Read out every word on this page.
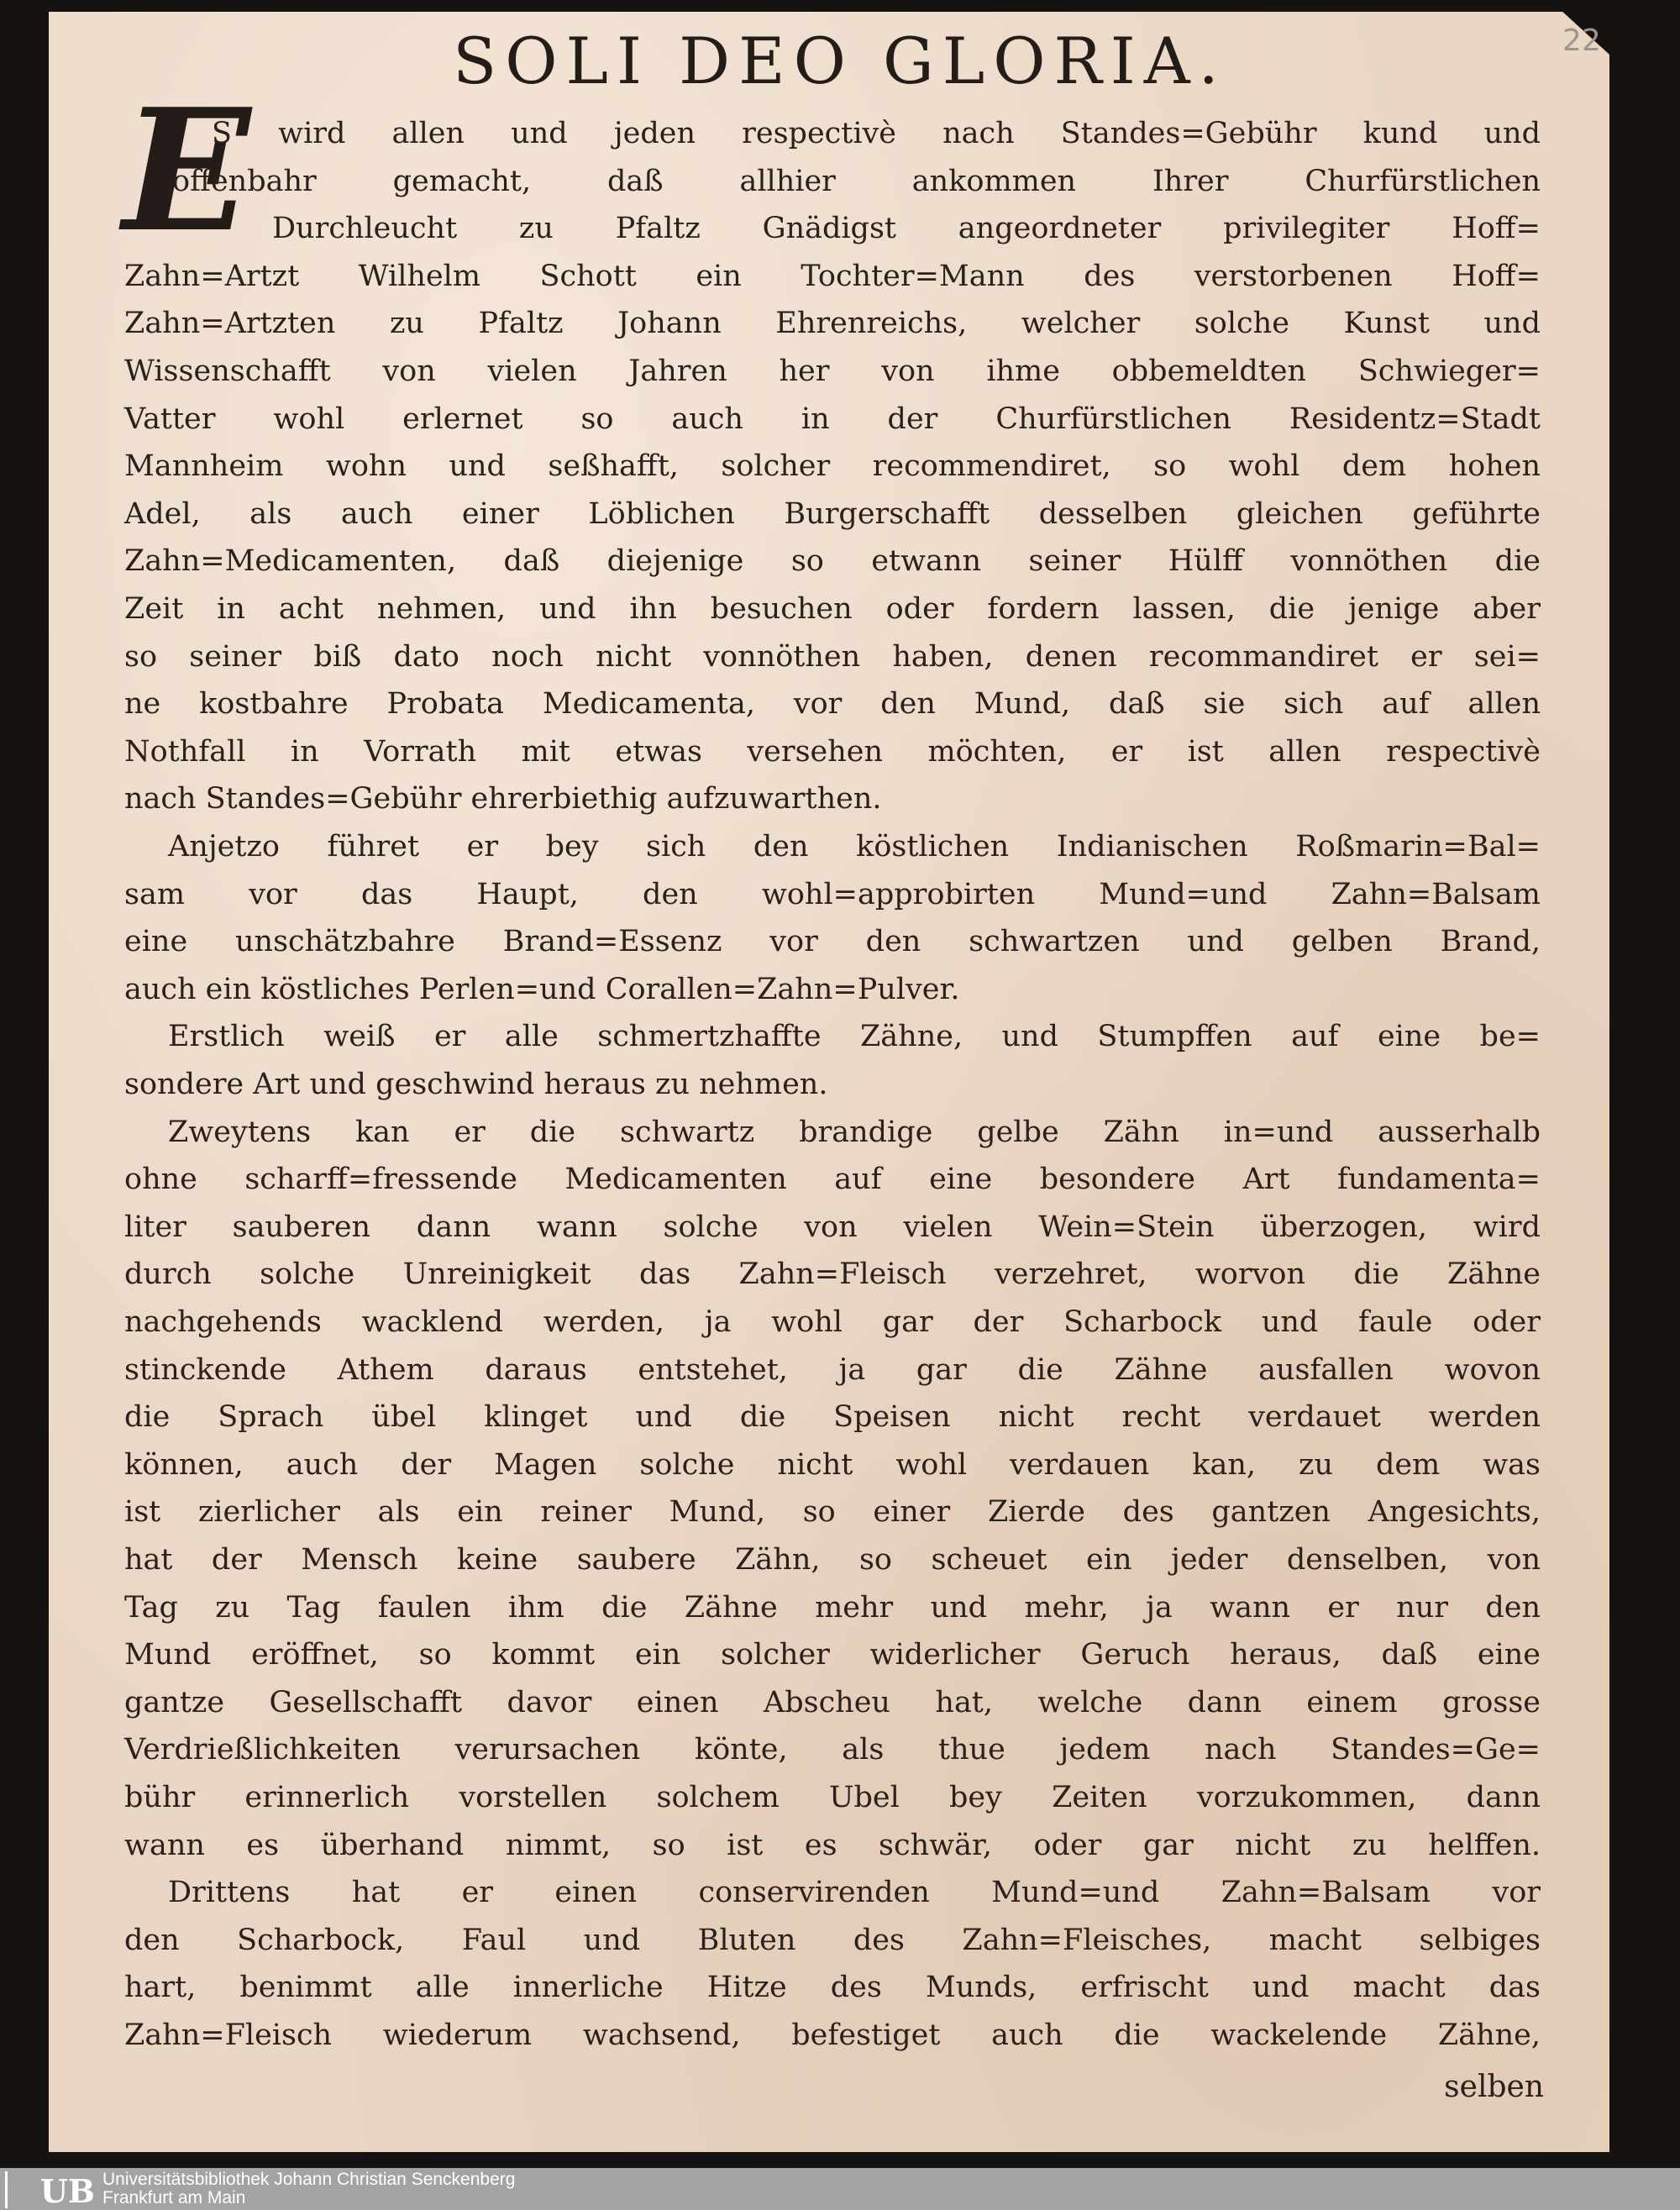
22
SOLI DEO GLORIA.
E
S wird allen und jeden respectivè nach Standes=Gebühr kund und
offenbahr gemacht, daß allhier ankommen Ihrer Churfürstlichen
Durchleucht zu Pfaltz Gnädigst angeordneter privilegiter Hoff=
Zahn=Artzt Wilhelm Schott ein Tochter=Mann des verstorbenen Hoff=
Zahn=Artzten zu Pfaltz Johann Ehrenreichs, welcher solche Kunst und
Wissenschafft von vielen Jahren her von ihme obbemeldten Schwieger=
Vatter wohl erlernet so auch in der Churfürstlichen Residentz=Stadt
Mannheim wohn und seßhafft, solcher recommendiret, so wohl dem hohen
Adel, als auch einer Löblichen Burgerschafft desselben gleichen geführte
Zahn=Medicamenten, daß diejenige so etwann seiner Hülff vonnöthen die
Zeit in acht nehmen, und ihn besuchen oder fordern lassen, die jenige aber
so seiner biß dato noch nicht vonnöthen haben, denen recommandiret er sei=
ne kostbahre Probata Medicamenta, vor den Mund, daß sie sich auf allen
Nothfall in Vorrath mit etwas versehen möchten, er ist allen respectivè
nach Standes=Gebühr ehrerbiethig aufzuwarthen.
Anjetzo führet er bey sich den köstlichen Indianischen Roßmarin=Bal=
sam vor das Haupt, den wohl=approbirten Mund=und Zahn=Balsam
eine unschätzbahre Brand=Essenz vor den schwartzen und gelben Brand,
auch ein köstliches Perlen=und Corallen=Zahn=Pulver.
Erstlich weiß er alle schmertzhaffte Zähne, und Stumpffen auf eine be=
sondere Art und geschwind heraus zu nehmen.
Zweytens kan er die schwartz brandige gelbe Zähn in=und ausserhalb
ohne scharff=fressende Medicamenten auf eine besondere Art fundamenta=
liter sauberen dann wann solche von vielen Wein=Stein überzogen, wird
durch solche Unreinigkeit das Zahn=Fleisch verzehret, worvon die Zähne
nachgehends wacklend werden, ja wohl gar der Scharbock und faule oder
stinckende Athem daraus entstehet, ja gar die Zähne ausfallen wovon
die Sprach übel klinget und die Speisen nicht recht verdauet werden
können, auch der Magen solche nicht wohl verdauen kan, zu dem was
ist zierlicher als ein reiner Mund, so einer Zierde des gantzen Angesichts,
hat der Mensch keine saubere Zähn, so scheuet ein jeder denselben, von
Tag zu Tag faulen ihm die Zähne mehr und mehr, ja wann er nur den
Mund eröffnet, so kommt ein solcher widerlicher Geruch heraus, daß eine
gantze Gesellschafft davor einen Abscheu hat, welche dann einem grosse
Verdrießlichkeiten verursachen könte, als thue jedem nach Standes=Ge=
bühr erinnerlich vorstellen solchem Ubel bey Zeiten vorzukommen, dann
wann es überhand nimmt, so ist es schwär, oder gar nicht zu helffen.
Drittens hat er einen conservirenden Mund=und Zahn=Balsam vor
den Scharbock, Faul und Bluten des Zahn=Fleisches, macht selbiges
hart, benimmt alle innerliche Hitze des Munds, erfrischt und macht das
Zahn=Fleisch wiederum wachsend, befestiget auch die wackelende Zähne,
selben
UB Universitätsbibliothek Johann Christian Senckenberg
Frankfurt am Main
